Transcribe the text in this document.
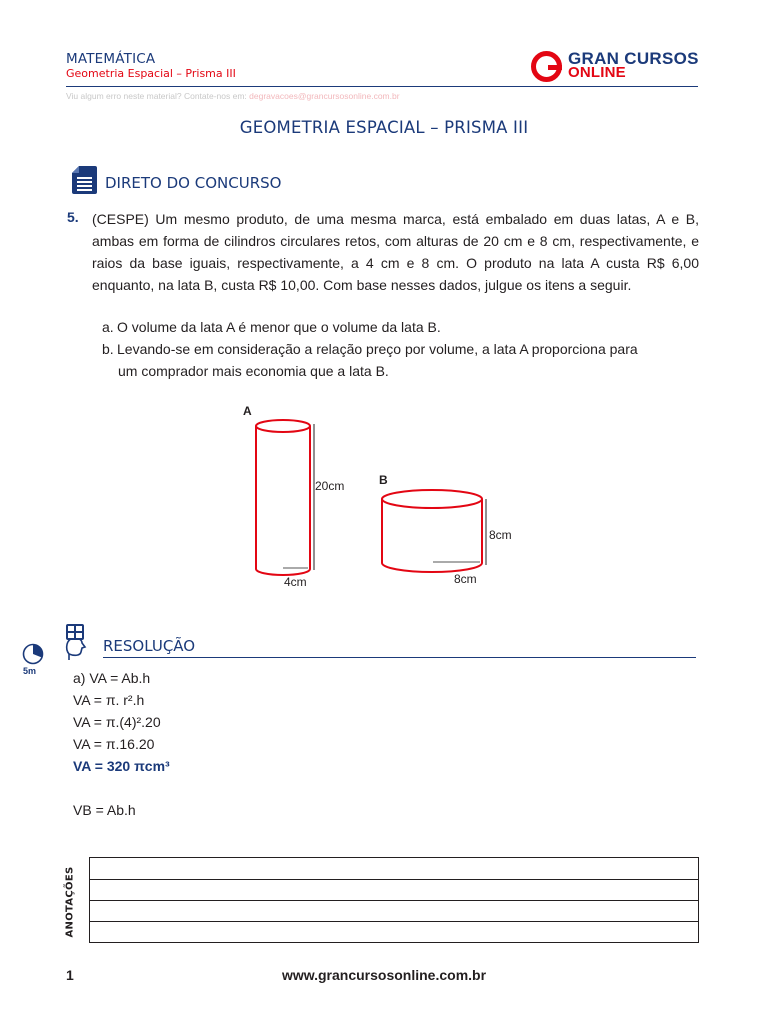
MATEMÁTICA
Geometria Espacial – Prisma III
GRAN CURSOS
ONLINE
Viu algum erro neste material? Contate-nos em: degravacoes@grancursosonline.com.br
GEOMETRIA ESPACIAL – PRISMA III
DIRETO DO CONCURSO
5. (CESPE) Um mesmo produto, de uma mesma marca, está embalado em duas latas, A e B, ambas em forma de cilindros circulares retos, com alturas de 20 cm e 8 cm, respectivamente, e raios da base iguais, respectivamente, a 4 cm e 8 cm. O produto na lata A custa R$ 6,00 enquanto, na lata B, custa R$ 10,00. Com base nesses dados, julgue os itens a seguir.
a. O volume da lata A é menor que o volume da lata B.
b. Levando-se em consideração a relação preço por volume, a lata A proporciona para
um comprador mais economia que a lata B.
A
20cm
4cm
B
8cm
8cm
RESOLUÇÃO
5m	a) VA = Ab.h
VA = π. r².h
VA = π.(4)².20
VA = π.16.20
VA = 320 πcm³
VB = Ab.h
ANOTAÇÕES
1	www.grancursosonline.com.br
